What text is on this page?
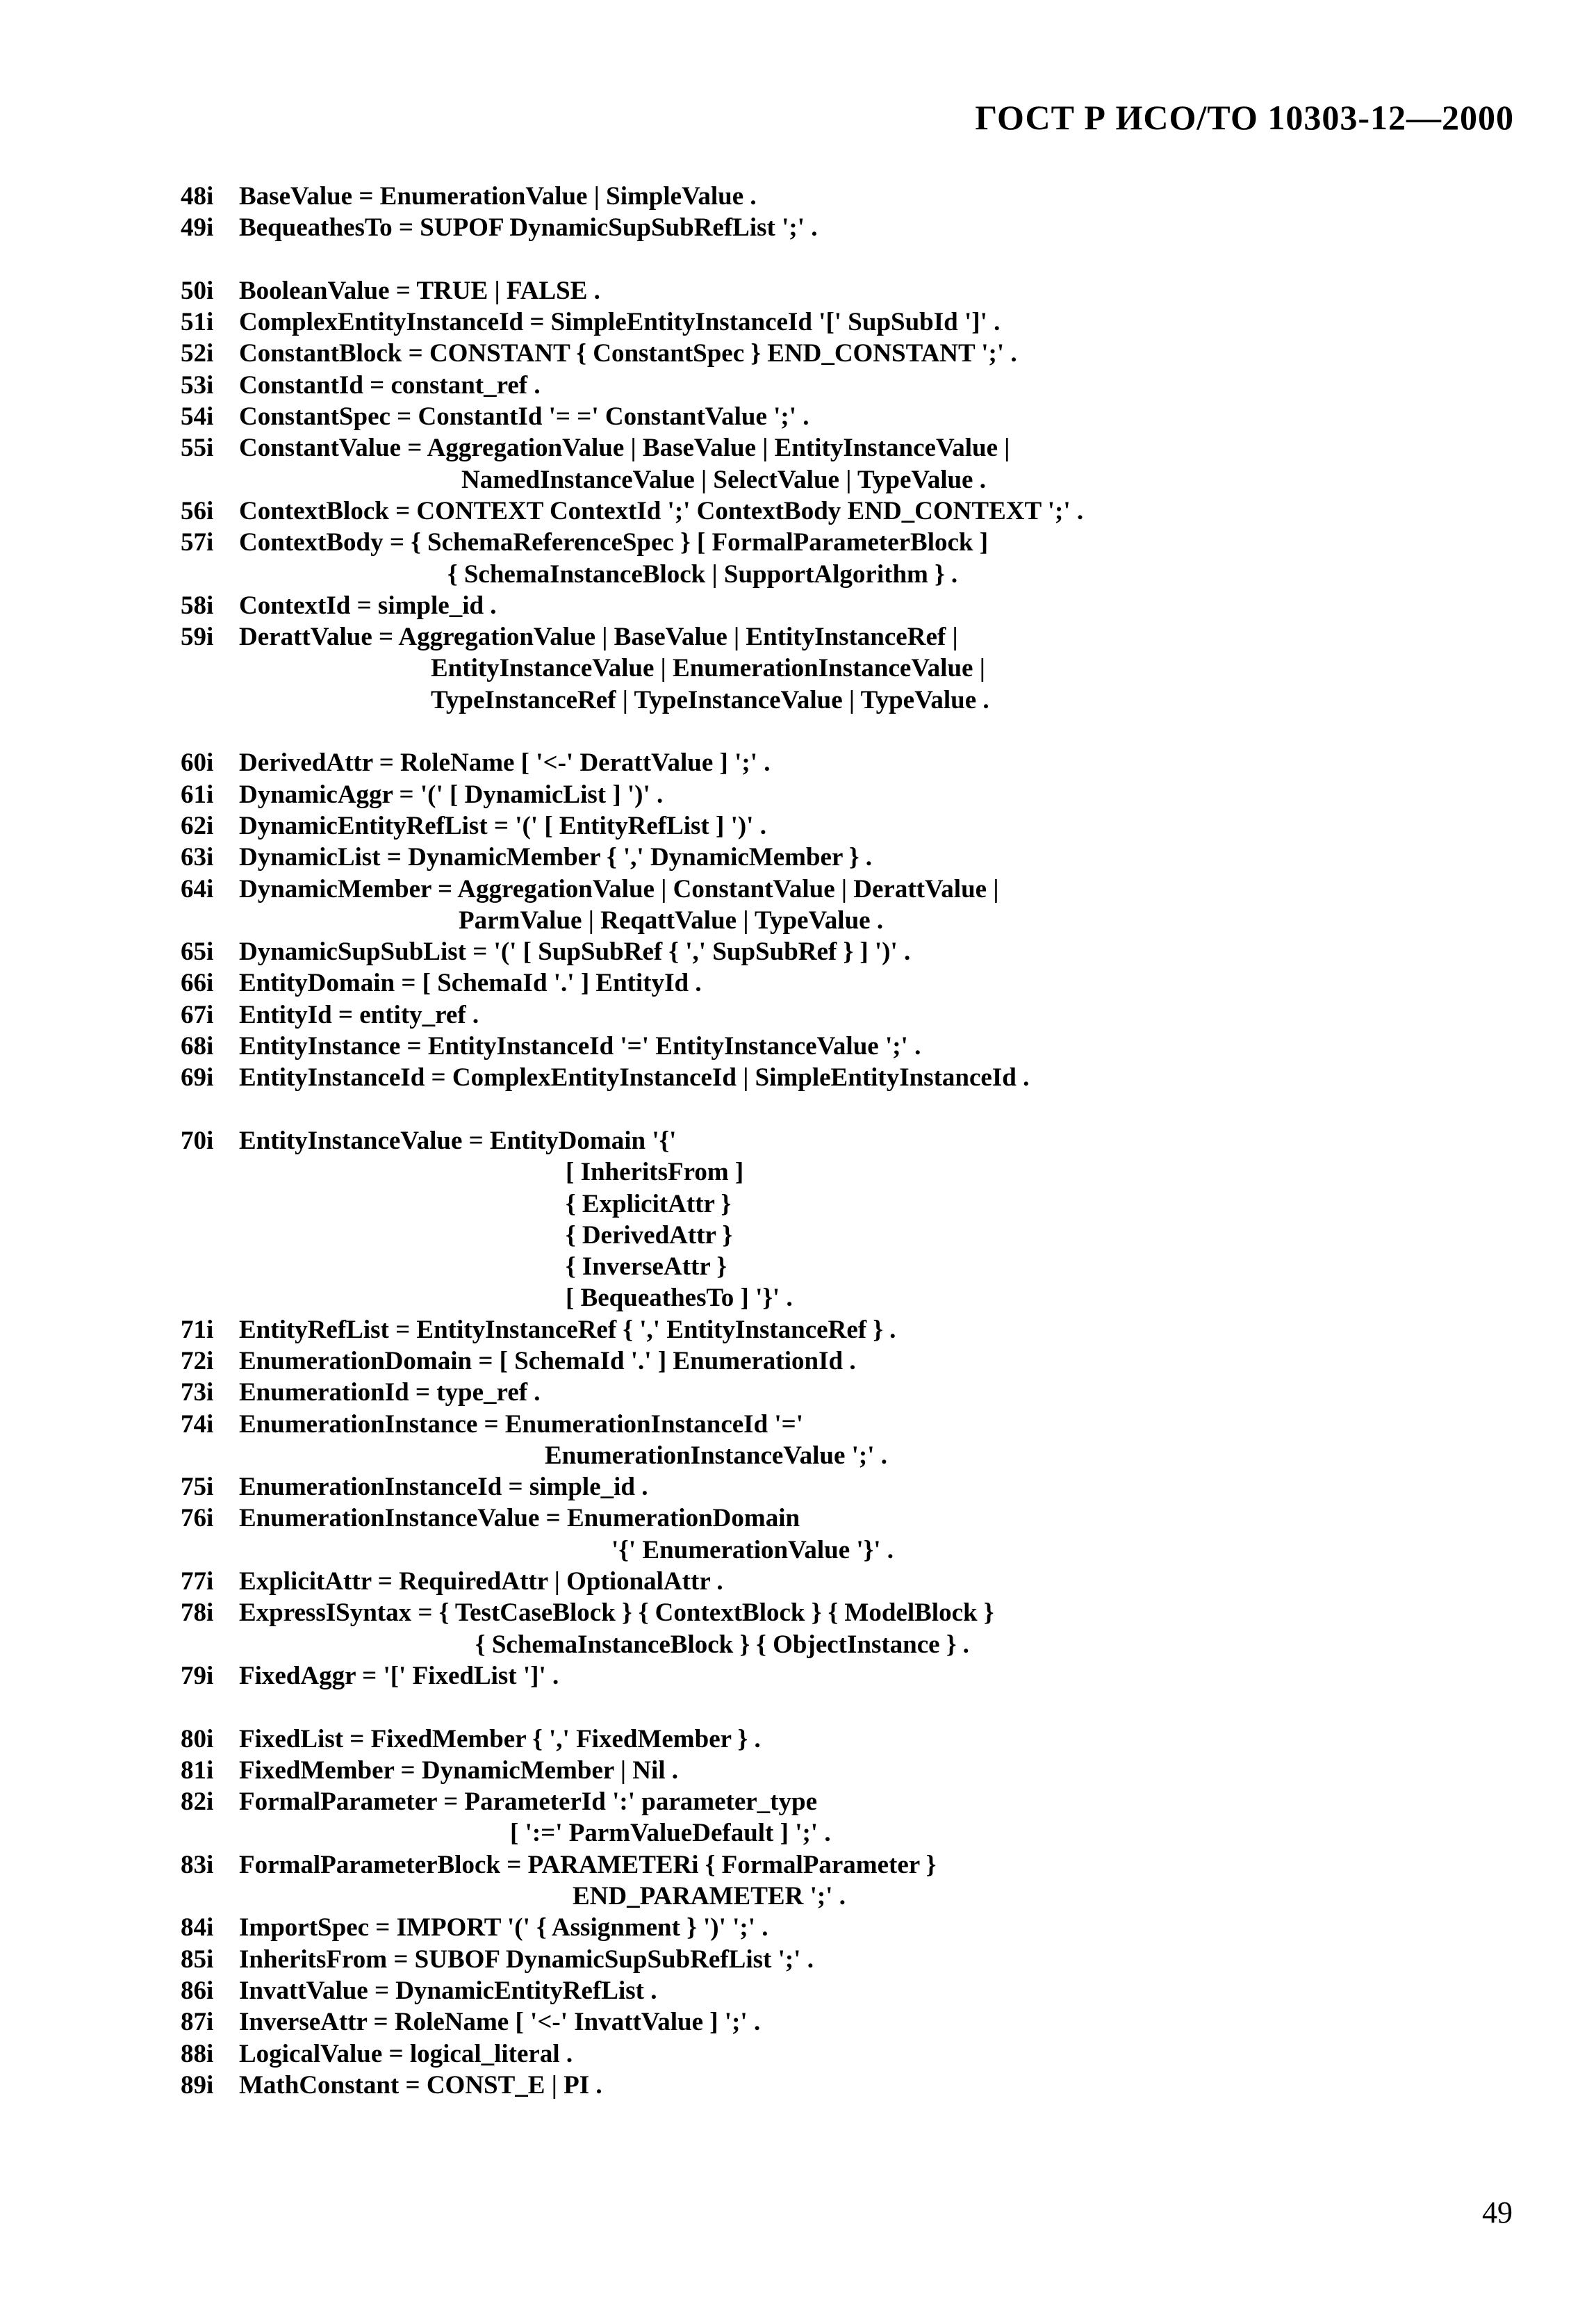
ГОСТ Р ИСО/ТО 10303-12—2000
48i BaseValue = EnumerationValue | SimpleValue .
49i BequeathesTo = SUPOF DynamicSupSubRefList ';' .
50i BooleanValue = TRUE | FALSE .
51i ComplexEntityInstanceId = SimpleEntityInstanceId '[' SupSubId ']' .
52i ConstantBlock = CONSTANT { ConstantSpec } END_CONSTANT ';' .
53i ConstantId = constant_ref .
54i ConstantSpec = ConstantId '= =' ConstantValue ';' .
55i ConstantValue = AggregationValue | BaseValue | EntityInstanceValue |
NamedInstanceValue | SelectValue | TypeValue .
56i ContextBlock = CONTEXT ContextId ';' ContextBody END_CONTEXT ';' .
57i ContextBody = { SchemaReferenceSpec } [ FormalParameterBlock ]
{ SchemaInstanceBlock | SupportAlgorithm } .
58i ContextId = simple_id .
59i DerattValue = AggregationValue | BaseValue | EntityInstanceRef |
EntityInstanceValue | EnumerationInstanceValue |
TypeInstanceRef | TypeInstanceValue | TypeValue .
60i DerivedAttr = RoleName [ '<-' DerattValue ] ';' .
61i DynamicAggr = '(' [ DynamicList ] ')' .
62i DynamicEntityRefList = '(' [ EntityRefList ] ')' .
63i DynamicList = DynamicMember { ',' DynamicMember } .
64i DynamicMember = AggregationValue | ConstantValue | DerattValue |
ParmValue | ReqattValue | TypeValue .
65i DynamicSupSubList = '(' [ SupSubRef { ',' SupSubRef } ] ')' .
66i EntityDomain = [ SchemaId '.' ] EntityId .
67i EntityId = entity_ref .
68i EntityInstance = EntityInstanceId '=' EntityInstanceValue ';' .
69i EntityInstanceId = ComplexEntityInstanceId | SimpleEntityInstanceId .
70i EntityInstanceValue = EntityDomain '{'
[ InheritsFrom ]
{ ExplicitAttr }
{ DerivedAttr }
{ InverseAttr }
[ BequeathesTo ] '}' .
71i EntityRefList = EntityInstanceRef { ',' EntityInstanceRef } .
72i EnumerationDomain = [ SchemaId '.' ] EnumerationId .
73i EnumerationId = type_ref .
74i EnumerationInstance = EnumerationInstanceId '='
EnumerationInstanceValue ';' .
75i EnumerationInstanceId = simple_id .
76i EnumerationInstanceValue = EnumerationDomain
'{' EnumerationValue '}' .
77i ExplicitAttr = RequiredAttr | OptionalAttr .
78i ExpressISyntax = { TestCaseBlock } { ContextBlock } { ModelBlock }
{ SchemaInstanceBlock } { ObjectInstance } .
79i FixedAggr = '[' FixedList ']' .
80i FixedList = FixedMember { ',' FixedMember } .
81i FixedMember = DynamicMember | Nil .
82i FormalParameter = ParameterId ':' parameter_type
[ ':=' ParmValueDefault ] ';' .
83i FormalParameterBlock = PARAMETERi { FormalParameter }
END_PARAMETER ';' .
84i ImportSpec = IMPORT '(' { Assignment } ')' ';' .
85i InheritsFrom = SUBOF DynamicSupSubRefList ';' .
86i InvattValue = DynamicEntityRefList .
87i InverseAttr = RoleName [ '<-' InvattValue ] ';' .
88i LogicalValue = logical_literal .
89i MathConstant = CONST_E | PI .
49
